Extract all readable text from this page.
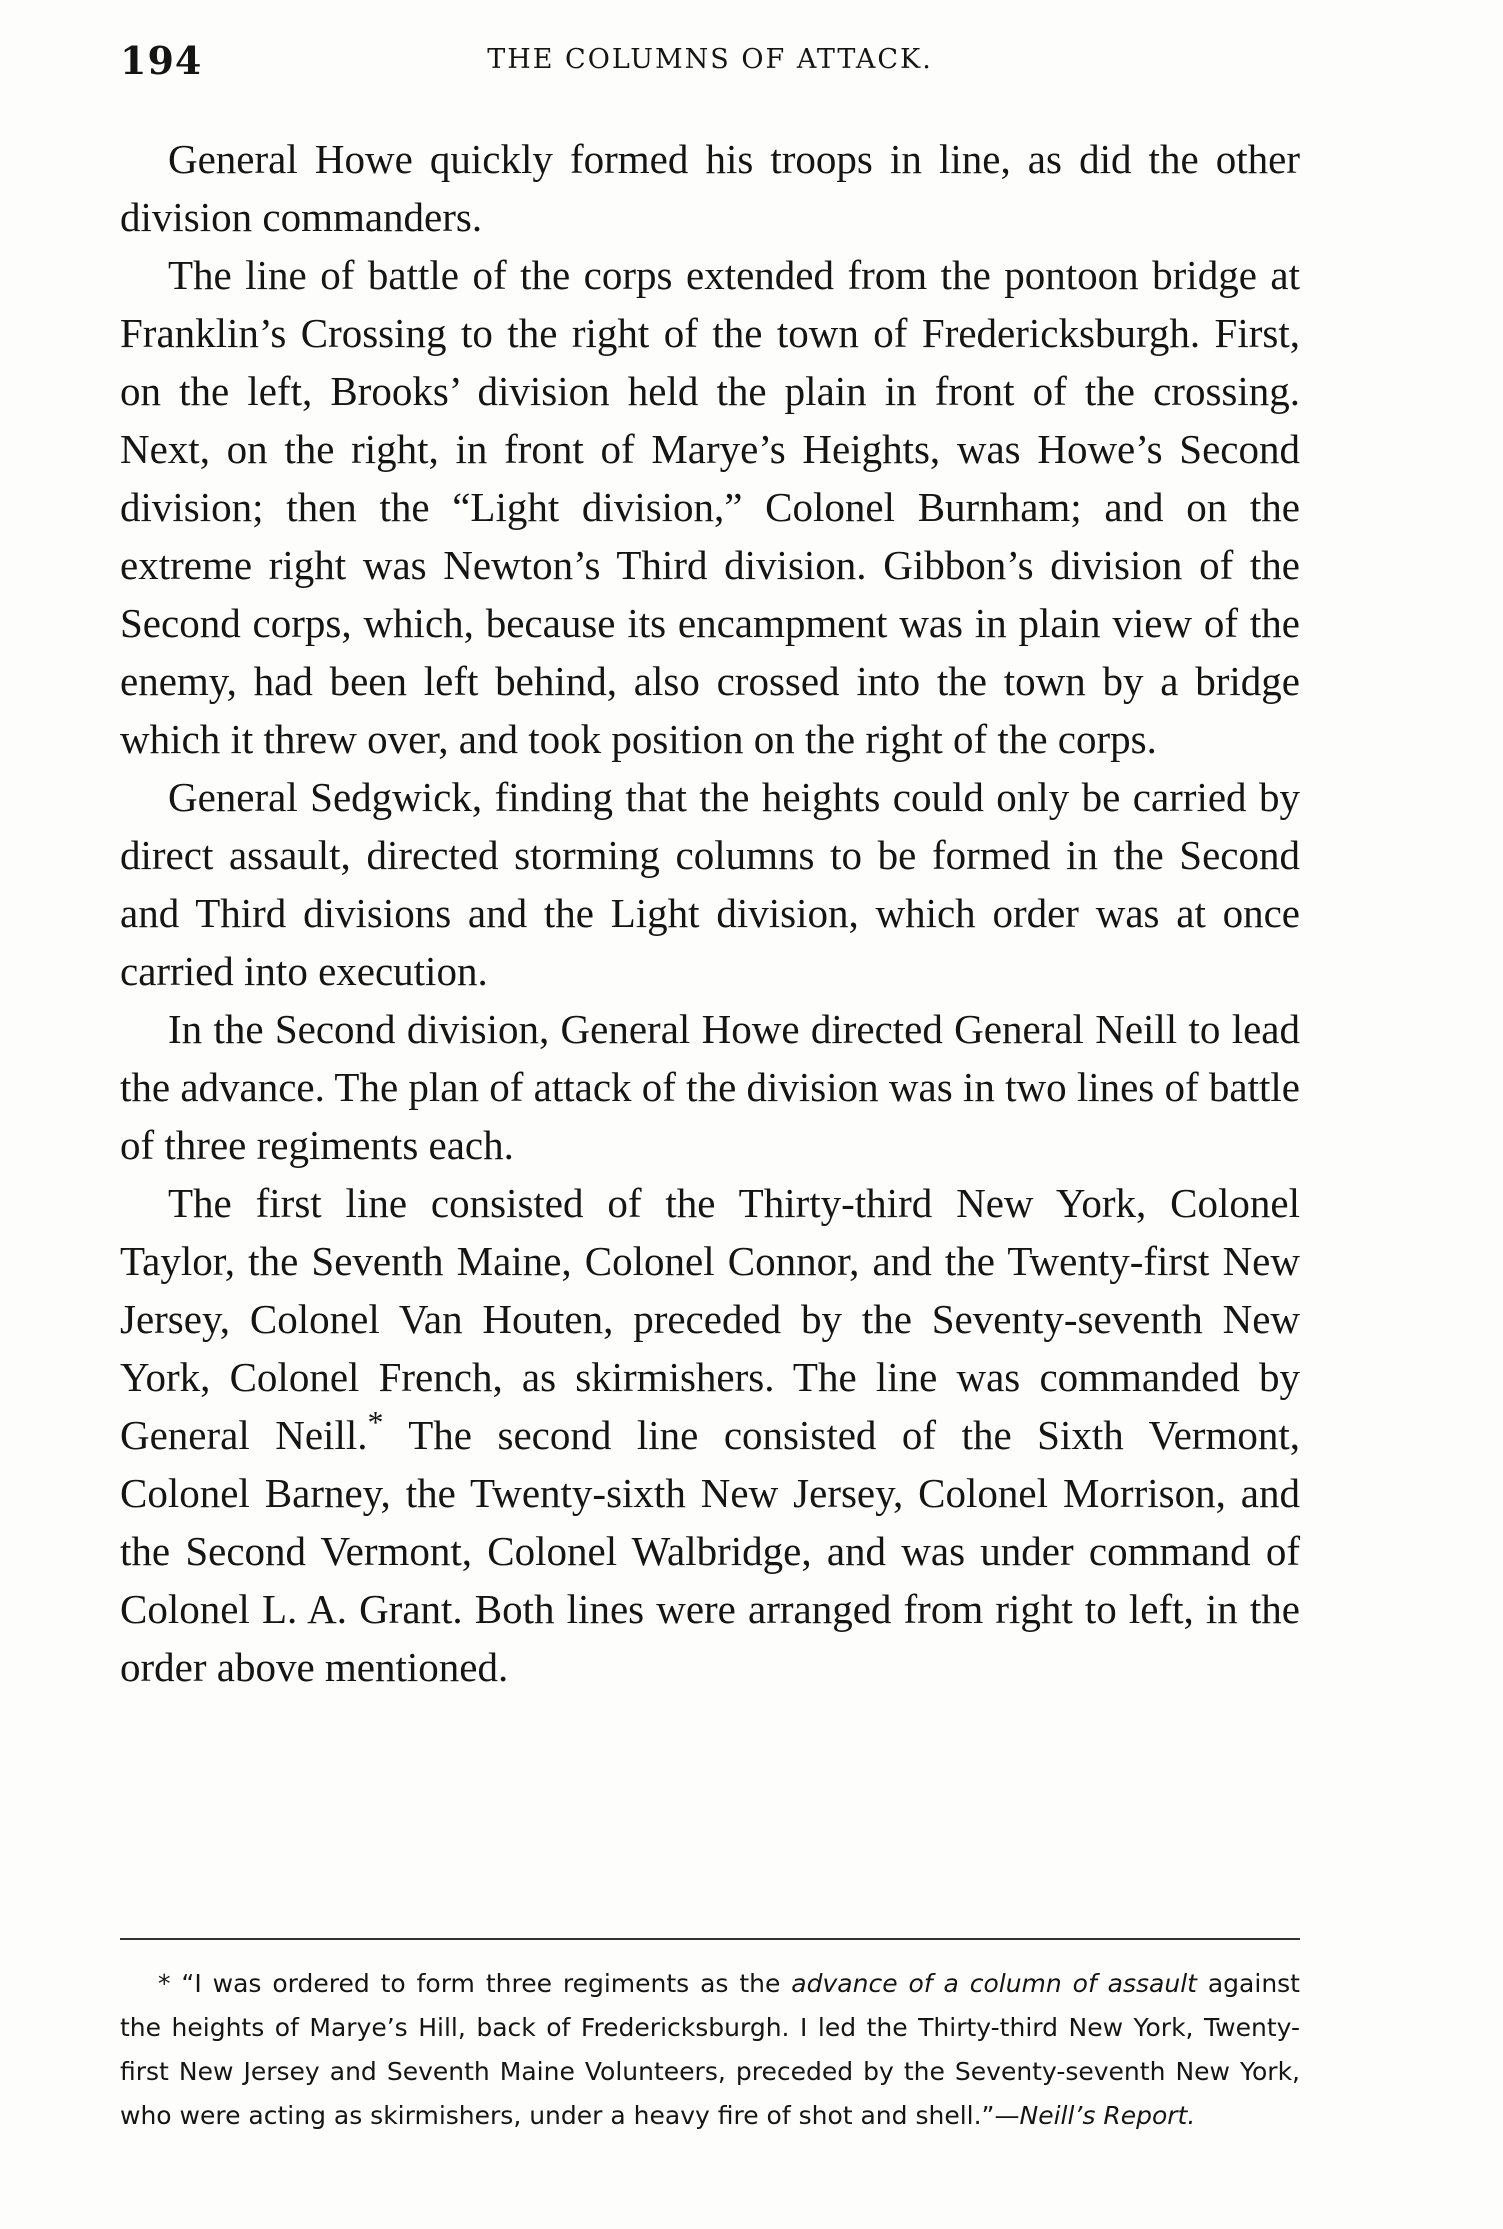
194	THE COLUMNS OF ATTACK.

General Howe quickly formed his troops in line, as did the other division commanders.

The line of battle of the corps extended from the pontoon bridge at Franklin’s Crossing to the right of the town of Fredericksburgh. First, on the left, Brooks’ division held the plain in front of the crossing. Next, on the right, in front of Marye’s Heights, was Howe’s Second division; then the “Light division,” Colonel Burnham; and on the extreme right was Newton’s Third division. Gibbon’s division of the Second corps, which, because its encampment was in plain view of the enemy, had been left behind, also crossed into the town by a bridge which it threw over, and took position on the right of the corps.

General Sedgwick, finding that the heights could only be carried by direct assault, directed storming columns to be formed in the Second and Third divisions and the Light division, which order was at once carried into execution.

In the Second division, General Howe directed General Neill to lead the advance. The plan of attack of the division was in two lines of battle of three regiments each.

The first line consisted of the Thirty-third New York, Colonel Taylor, the Seventh Maine, Colonel Connor, and the Twenty-first New Jersey, Colonel Van Houten, preceded by the Seventy-seventh New York, Colonel French, as skirmishers. The line was commanded by General Neill.* The second line consisted of the Sixth Vermont, Colonel Barney, the Twenty-sixth New Jersey, Colonel Morrison, and the Second Vermont, Colonel Walbridge, and was under command of Colonel L. A. Grant. Both lines were arranged from right to left, in the order above mentioned.

* “I was ordered to form three regiments as the advance of a column of assault against the heights of Marye’s Hill, back of Fredericksburgh. I led the Thirty-third New York, Twenty-first New Jersey and Seventh Maine Volunteers, preceded by the Seventy-seventh New York, who were acting as skirmishers, under a heavy fire of shot and shell.”—Neill’s Report.
